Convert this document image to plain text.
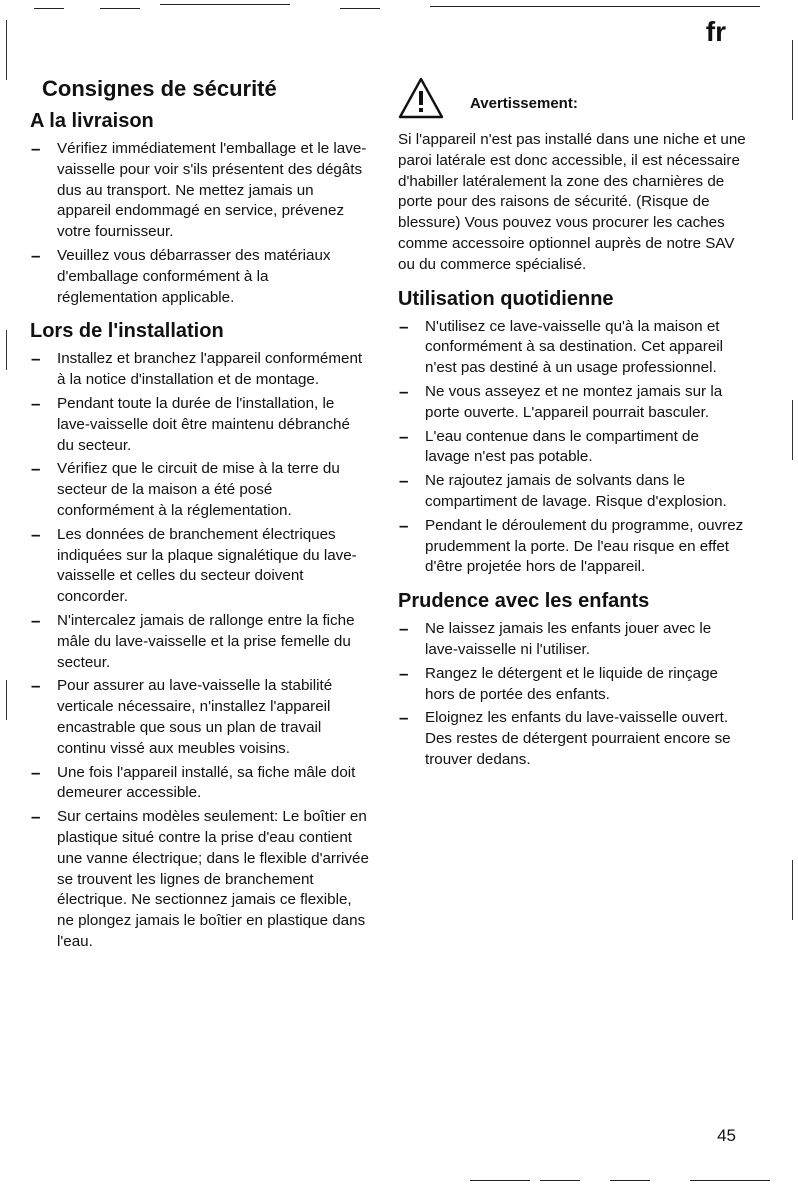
fr
Consignes de sécurité
A la livraison
– Vérifiez immédiatement l'emballage et le lave-vaisselle pour voir s'ils présentent des dégâts dus au transport. Ne mettez jamais un appareil endommagé en service, prévenez votre fournisseur.
– Veuillez vous débarrasser des matériaux d'emballage conformément à la réglementation applicable.
Lors de l'installation
– Installez et branchez l'appareil conformément à la notice d'installation et de montage.
– Pendant toute la durée de l'installation, le lave-vaisselle doit être maintenu débranché du secteur.
– Vérifiez que le circuit de mise à la terre du secteur de la maison a été posé conformément à la réglementation.
– Les données de branchement électriques indiquées sur la plaque signalétique du lave-vaisselle et celles du secteur doivent concorder.
– N'intercalez jamais de rallonge entre la fiche mâle du lave-vaisselle et la prise femelle du secteur.
– Pour assurer au lave-vaisselle la stabilité verticale nécessaire, n'installez l'appareil encastrable que sous un plan de travail continu vissé aux meubles voisins.
– Une fois l'appareil installé, sa fiche mâle doit demeurer accessible.
– Sur certains modèles seulement: Le boîtier en plastique situé contre la prise d'eau contient une vanne électrique; dans le flexible d'arrivée se trouvent les lignes de branchement électrique. Ne sectionnez jamais ce flexible, ne plongez jamais le boîtier en plastique dans l'eau.
Avertissement:

Si l'appareil n'est pas installé dans une niche et une paroi latérale est donc accessible, il est nécessaire d'habiller latéralement la zone des charnières de porte pour des raisons de sécurité. (Risque de blessure) Vous pouvez vous procurer les caches comme accessoire optionnel auprès de notre SAV ou du commerce spécialisé.

Utilisation quotidienne
– N'utilisez ce lave-vaisselle qu'à la maison et conformément à sa destination. Cet appareil n'est pas destiné à un usage professionnel.
– Ne vous asseyez et ne montez jamais sur la porte ouverte. L'appareil pourrait basculer.
– L'eau contenue dans le compartiment de lavage n'est pas potable.
– Ne rajoutez jamais de solvants dans le compartiment de lavage. Risque d'explosion.
– Pendant le déroulement du programme, ouvrez prudemment la porte. De l'eau risque en effet d'être projetée hors de l'appareil.
Prudence avec les enfants
– Ne laissez jamais les enfants jouer avec le lave-vaisselle ni l'utiliser.
– Rangez le détergent et le liquide de rinçage hors de portée des enfants.
– Eloignez les enfants du lave-vaisselle ouvert. Des restes de détergent pourraient encore se trouver dedans.
45
